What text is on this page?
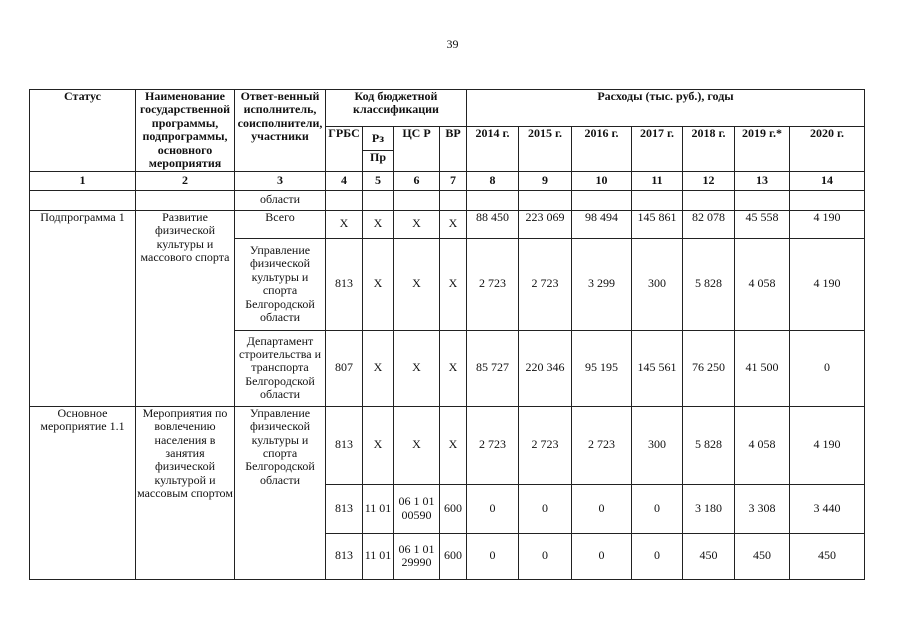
39
Статус	Наименование государственной программы, подпрограммы, основного мероприятия	Ответ-венный исполнитель, соисполнители, участники	Код бюджетной классификации				Расходы (тыс. руб.), годы						
			ГРБС	Рз	ЦС Р	ВР	2014 г.	2015 г.	2016 г.	2017 г.	2018 г.	2019 г.*	2020 г.
				Пр									
1	2	3	4	5	6	7	8	9	10	11	12	13	14
		области											
Подпрограмма 1	Развитие физической культуры и массового спорта	Всего	Х	Х	Х	Х	88 450	223 069	98 494	145 861	82 078	45 558	4 190
		Управление физической культуры и спорта Белгородской области	813	Х	Х	Х	2 723	2 723	3 299	300	5 828	4 058	4 190
		Департамент строительства и транспорта Белгородской области	807	Х	Х	Х	85 727	220 346	95 195	145 561	76 250	41 500	0
Основное мероприятие 1.1	Мероприятия по вовлечению населения в занятия физической культурой и массовым спортом	Управление физической культуры и спорта Белгородской области	813	Х	Х	Х	2 723	2 723	2 723	300	5 828	4 058	4 190
			813	11 01	06 1 01 00590	600	0	0	0	0	3 180	3 308	3 440
			813	11 01	06 1 01 29990	600	0	0	0	0	450	450	450
